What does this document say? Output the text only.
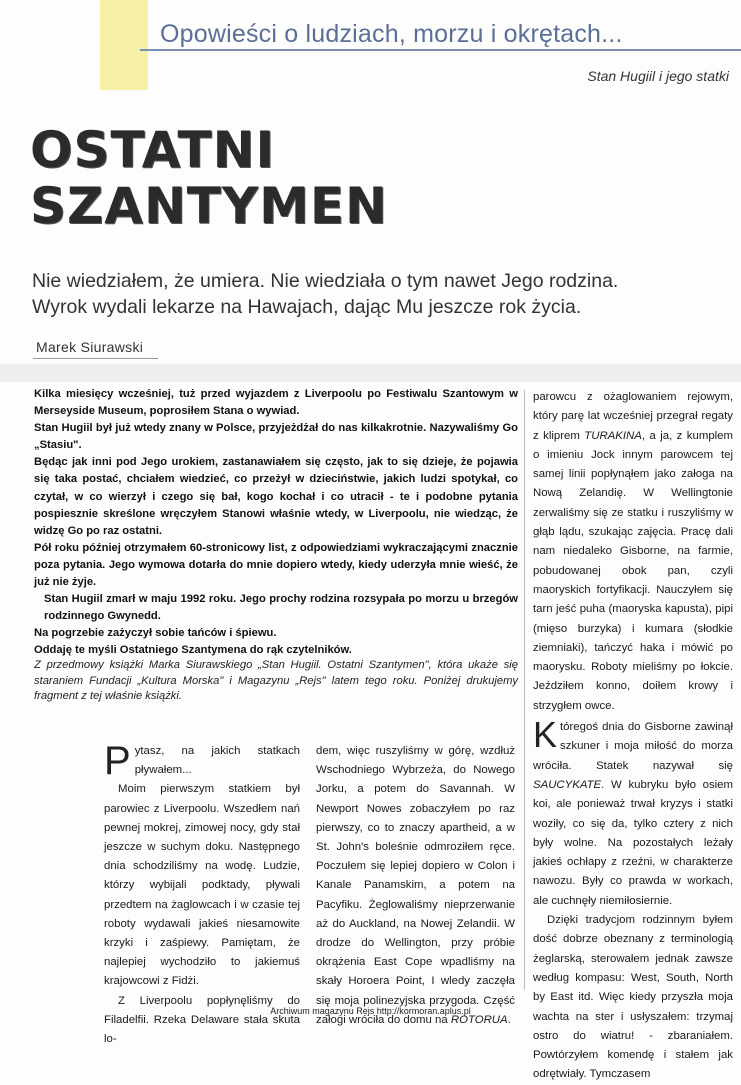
Opowieści o ludziach, morzu i okrętach...
Stan Hugiil i jego statki
OSTATNI
SZANTYMEN
Nie wiedziałem, że umiera. Nie wiedziała o tym nawet Jego rodzina.
Wyrok wydali lekarze na Hawajach, dając Mu jeszcze rok życia.
Marek Siurawski

Kilka miesięcy wcześniej, tuż przed wyjazdem z Liverpoolu po Festiwalu Szantowym w Merseyside Museum, poprosiłem Stana o wywiad.

Stan Hugiil był już wtedy znany w Polsce, przyjeżdżał do nas kilkakrotnie. Nazywaliśmy Go „Stasiu".

Będąc jak inni pod Jego urokiem, zastanawiałem się często, jak to się dzieje, że pojawia się taka postać, chciałem wiedzieć, co przeżył w dzieciństwie, jakich ludzi spotykał, co czytał, w co wierzył i czego się bał, kogo kochał i co utracił - te i podobne pytania pospiesznie skreślone wręczyłem Stanowi właśnie wtedy, w Liverpoolu, nie wiedząc, że widzę Go po raz ostatni.

Pół roku później otrzymałem 60-stronicowy list, z odpowiedziami wykraczającymi znacznie poza pytania. Jego wymowa dotarła do mnie dopiero wtedy, kiedy uderzyła mnie wieść, że już nie żyje.

Stan Hugiil zmarł w maju 1992 roku. Jego prochy rodzina rozsypała po morzu u brzegów rodzinnego Gwynedd.

Na pogrzebie zażyczył sobie tańców i śpiewu.

Oddaję te myśli Ostatniego Szantymena do rąk czytelników.

Z przedmowy książki Marka Siurawskiego „Stan Hugiil. Ostatni Szantymen", która ukaże się staraniem Fundacji „Kultura Morska" i Magazynu „Rejs" latem tego roku. Poniżej drukujemy fragment z tej właśnie książki.

parowcu z ożaglowaniem rejowym, który parę lat wcześniej przegrał regaty z kliprem TURAKINA, a ja, z kumplem o imieniu Jock innym parowcem tej samej linii popłynąłem jako załoga na Nową Zelandię. W Wellingtonie zerwaliśmy się ze statku i ruszyliśmy w głąb lądu, szukając zajęcia. Pracę dali nam niedaleko Gisborne, na farmie, pobudowanej obok pan, czyli maoryskich fortyfikacji. Nauczyłem się tarn jeść puha (maoryska kapusta), pipi (mięso burzyka) i kumara (słodkie ziemniaki), tańczyć haka i mówić po maorysku. Roboty mieliśmy po łokcie. Jeździłem konno, doiłem krowy i strzygłem owce.

Któregoś dnia do Gisborne zawinął szkuner i moja miłość do morza wróciła. Statek nazywał się SAUCYKATE. W kubryku było osiem koi, ale ponieważ trwał kryzys i statki woziły, co się da, tylko cztery z nich były wolne. Na pozostałych leżały jakieś ochłapy z rzeźni, w charakterze nawozu. Były co prawda w workach, ale cuchnęły niemiłosiernie.

Dzięki tradycjom rodzinnym byłem dość dobrze obeznany z terminologią żeglarską, sterowałem jednak zawsze według kompasu: West, South, North by East itd. Więc kiedy przyszła moja wachta na ster i usłyszałem: trzymaj ostro do wiatru! - zbaraniałem. Powtórzyłem komendę i stałem jak odrętwiały. Tymczasem

Pytasz, na jakich statkach pływałem...

Moim pierwszym statkiem był parowiec z Liverpoolu. Wszedłem nań pewnej mokrej, zimowej nocy, gdy stał jeszcze w suchym doku. Następnego dnia schodziliśmy na wodę. Ludzie, którzy wybijali podktady, pływali przedtem na żaglowcach i w czasie tej roboty wydawali jakieś niesamowite krzyki i zaśpiewy. Pamiętam, że najlepiej wychodziło to jakiemuś krajowcowi z Fidżi.

Z Liverpoolu popłynęliśmy do Filadelfii. Rzeka Delaware stała skuta lo-

dem, więc ruszyliśmy w górę, wzdłuż Wschodniego Wybrzeża, do Nowego Jorku, a potem do Savannah. W Newport Nowes zobaczyłem po raz pierwszy, co to znaczy apartheid, a w St. John's boleśnie odmroziłem ręce. Poczułem się lepiej dopiero w Colon i Kanale Panamskim, a potem na Pacyfiku. Żeglowaliśmy nieprzerwanie aż do Auckland, na Nowej Zelandii. W drodze do Wellington, przy próbie okrążenia East Cope wpadliśmy na skały Horoera Point, I wledy zaczęła się moja polinezyjska przygoda. Część załogi wróciła do domu na ROTORUA.
Archiwum magazynu Rejs http://kormoran.aplus.pl
